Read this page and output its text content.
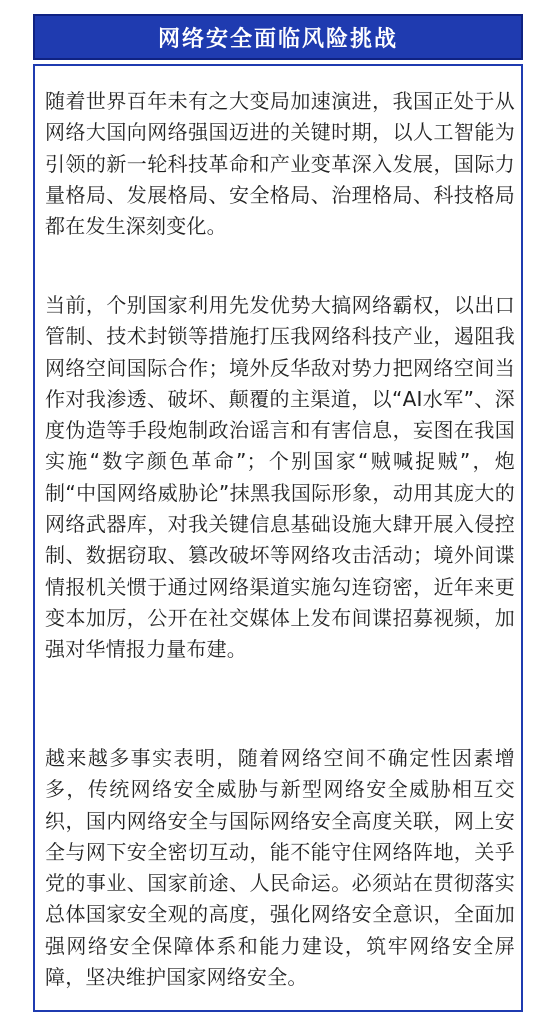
网络安全面临风险挑战

随着世界百年未有之大变局加速演进，我国正处于从网络大国向网络强国迈进的关键时期，以人工智能为引领的新一轮科技革命和产业变革深入发展，国际力量格局、发展格局、安全格局、治理格局、科技格局都在发生深刻变化。

当前，个别国家利用先发优势大搞网络霸权，以出口管制、技术封锁等措施打压我网络科技产业，遏阻我网络空间国际合作；境外反华敌对势力把网络空间当作对我渗透、破坏、颠覆的主渠道，以“AI水军”、深度伪造等手段炮制政治谣言和有害信息，妄图在我国实施“数字颜色革命”；个别国家“贼喊捉贼”，炮制“中国网络威胁论”抹黑我国际形象，动用其庞大的网络武器库，对我关键信息基础设施大肆开展入侵控制、数据窃取、篡改破坏等网络攻击活动；境外间谍情报机关惯于通过网络渠道实施勾连窃密，近年来更变本加厉，公开在社交媒体上发布间谍招募视频，加强对华情报力量布建。

越来越多事实表明，随着网络空间不确定性因素增多，传统网络安全威胁与新型网络安全威胁相互交织，国内网络安全与国际网络安全高度关联，网上安全与网下安全密切互动，能不能守住网络阵地，关乎党的事业、国家前途、人民命运。必须站在贯彻落实总体国家安全观的高度，强化网络安全意识，全面加强网络安全保障体系和能力建设，筑牢网络安全屏障，坚决维护国家网络安全。
